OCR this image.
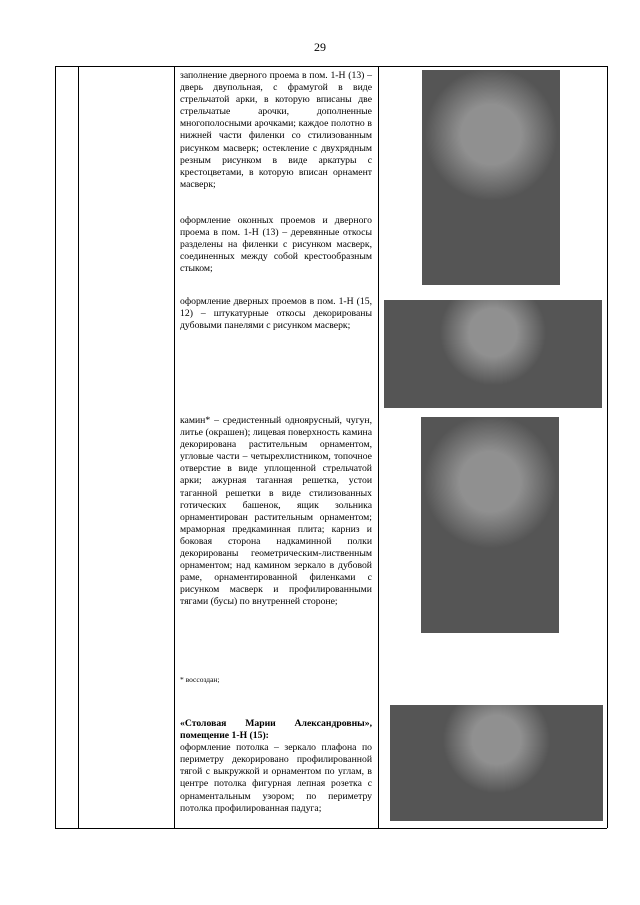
29

заполнение дверного проема в пом. 1-Н (13) – дверь двупольная, с фрамугой в виде стрельчатой арки, в которую вписаны две стрельчатые арочки, дополненные многополосными арочками; каждое полотно в нижней части филенки со стилизованным рисунком масверк; остекление с двухрядным резным рисунком в виде аркатуры с крестоцветами, в которую вписан орнамент масверк;

оформление оконных проемов и дверного проема в пом. 1-Н (13) – деревянные откосы разделены на филенки с рисунком масверк, соединенных между собой крестообразным стыком;

оформление дверных проемов в пом. 1-Н (15, 12) – штукатурные откосы декорированы дубовыми панелями с рисунком масверк;

камин* – средистенный одноярусный, чугун, литье (окрашен); лицевая поверхность камина декорирована растительным орнаментом, угловые части – четырехлистником, топочное отверстие в виде уплощенной стрельчатой арки; ажурная таганная решетка, устои таганной решетки в виде стилизованных готических башенок, ящик зольника орнаментирован растительным орнаментом; мраморная предкаминная плита; карниз и боковая сторона надкаминной полки декорированы геометрическим-лиственным орнаментом; над камином зеркало в дубовой раме, орнаментированной филенками с рисунком масверк и профилированными тягами (бусы) по внутренней стороне;

* воссоздан;

«Столовая Марии Александровны», помещение 1-Н (15):
оформление потолка – зеркало плафона по периметру декорировано профилированной тягой с выкружкой и орнаментом по углам, в центре потолка фигурная лепная розетка с орнаментальным узором; по периметру потолка профилированная падуга;
